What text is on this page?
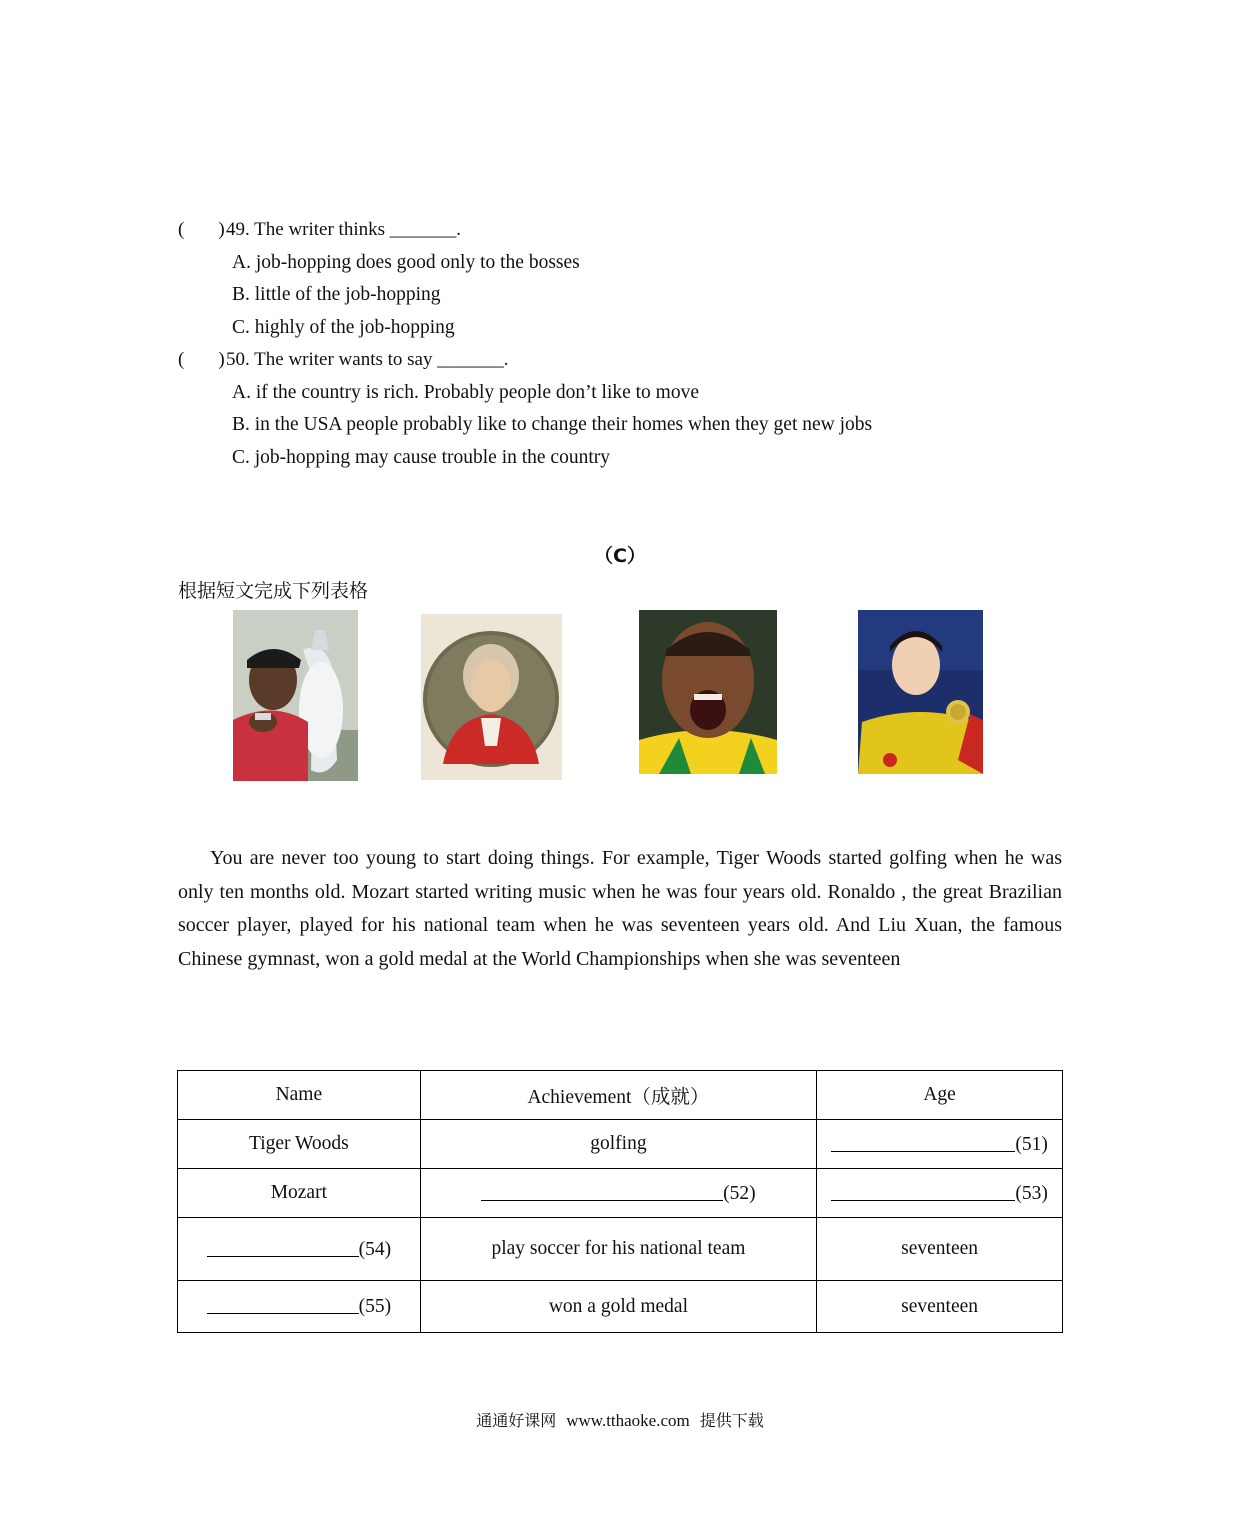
( )49. The writer thinks _______.
A. job-hopping does good only to the bosses
B. little of the job-hopping
C. highly of the job-hopping
( )50. The writer wants to say _______.
A. if the country is rich. Probably people don’t like to move
B. in the USA people probably like to change their homes when they get new jobs
C. job-hopping may cause trouble in the country
（C）
根据短文完成下列表格

You are never too young to start doing things. For example, Tiger Woods started golfing when he was only ten months old. Mozart started writing music when he was four years old. Ronaldo , the great Brazilian soccer player, played for his national team when he was seventeen years old. And Liu Xuan, the famous Chinese gymnast, won a gold medal at the World Championships when she was seventeen

Name	Achievement（成就）	Age
Tiger Woods	golfing	(51)
Mozart	(52)	(53)
(54)	play soccer for his national team	seventeen
(55)	won a gold medal	seventeen
通通好课网 www.tthaoke.com 提供下载
